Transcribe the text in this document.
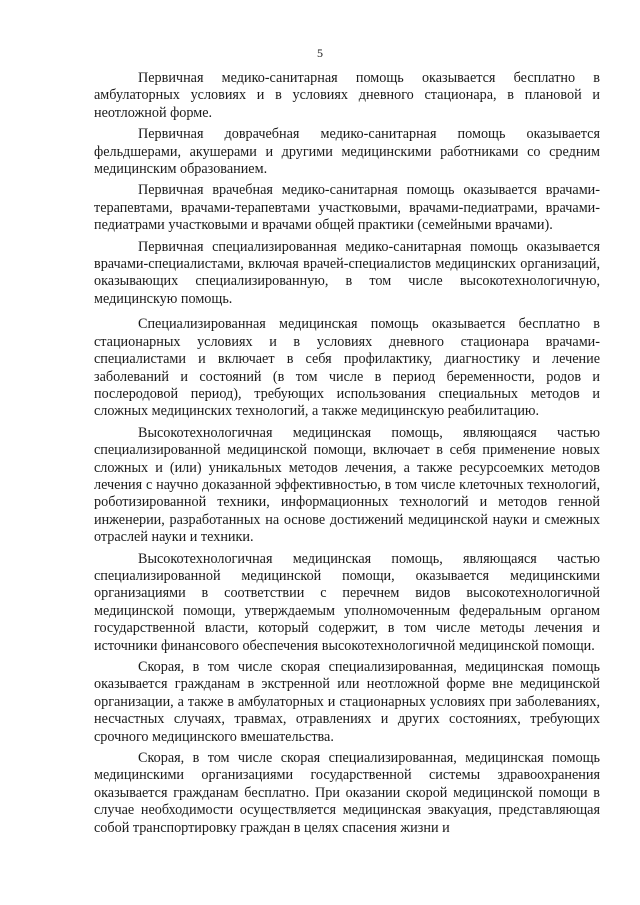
5

Первичная медико-санитарная помощь оказывается бесплатно в амбулаторных условиях и в условиях дневного стационара, в плановой и неотложной форме.

Первичная доврачебная медико-санитарная помощь оказывается фельдшерами, акушерами и другими медицинскими работниками со средним медицинским образованием.

Первичная врачебная медико-санитарная помощь оказывается врачами-терапевтами, врачами-терапевтами участковыми, врачами-педиатрами, врачами-педиатрами участковыми и врачами общей практики (семейными врачами).

Первичная специализированная медико-санитарная помощь оказывается врачами-специалистами, включая врачей-специалистов медицинских организаций, оказывающих специализированную, в том числе высокотехнологичную, медицинскую помощь.

Специализированная медицинская помощь оказывается бесплатно в стационарных условиях и в условиях дневного стационара врачами-специалистами и включает в себя профилактику, диагностику и лечение заболеваний и состояний (в том числе в период беременности, родов и послеродовой период), требующих использования специальных методов и сложных медицинских технологий, а также медицинскую реабилитацию.

Высокотехнологичная медицинская помощь, являющаяся частью специализированной медицинской помощи, включает в себя применение новых сложных и (или) уникальных методов лечения, а также ресурсоемких методов лечения с научно доказанной эффективностью, в том числе клеточных технологий, роботизированной техники, информационных технологий и методов генной инженерии, разработанных на основе достижений медицинской науки и смежных отраслей науки и техники.

Высокотехнологичная медицинская помощь, являющаяся частью специализированной медицинской помощи, оказывается медицинскими организациями в соответствии с перечнем видов высокотехнологичной медицинской помощи, утверждаемым уполномоченным федеральным органом государственной власти, который содержит, в том числе методы лечения и источники финансового обеспечения высокотехнологичной медицинской помощи.

Скорая, в том числе скорая специализированная, медицинская помощь оказывается гражданам в экстренной или неотложной форме вне медицинской организации, а также в амбулаторных и стационарных условиях при заболеваниях, несчастных случаях, травмах, отравлениях и других состояниях, требующих срочного медицинского вмешательства.

Скорая, в том числе скорая специализированная, медицинская помощь медицинскими организациями государственной системы здравоохранения оказывается гражданам бесплатно. При оказании скорой медицинской помощи в случае необходимости осуществляется медицинская эвакуация, представляющая собой транспортировку граждан в целях спасения жизни и
